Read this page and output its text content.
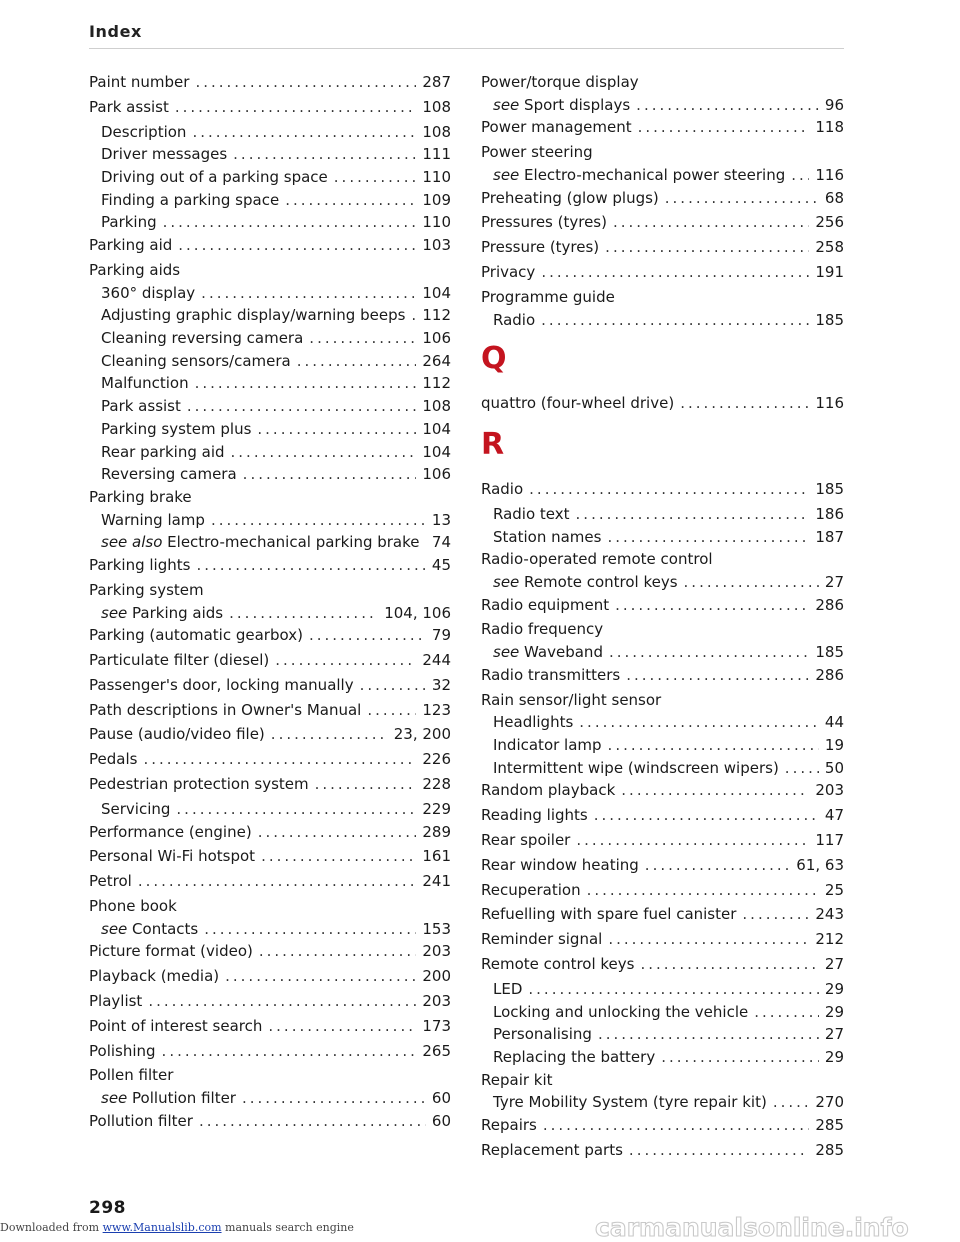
Index
Paint number .....	287
Park assist .....	108
Description .....	108
Driver messages .....	111
Driving out of a parking space .....	110
Finding a parking space .....	109
Parking .....	110
Parking aid .....	103
Parking aids
360° display .....	104
Adjusting graphic display/warning beeps ..... 112
Cleaning reversing camera .....	106
Cleaning sensors/camera .....	264
Malfunction .....	112
Park assist .....	108
Parking system plus .....	104
Rear parking aid .....	104
Reversing camera .....	106
Parking brake
Warning lamp .....	13
see also Electro-mechanical parking brake ..... 74
Parking lights .....	45
Parking system
see Parking aids .....	104, 106
Parking (automatic gearbox) .....	79
Particulate filter (diesel) .....	244
Passenger's door, locking manually .....	32
Path descriptions in Owner's Manual .....	123
Pause (audio/video file) .....	23, 200
Pedals .....	226
Pedestrian protection system .....	228
Servicing .....	229
Performance (engine) .....	289
Personal Wi-Fi hotspot .....	161
Petrol .....	241
Phone book
see Contacts .....	153
Picture format (video) .....	203
Playback (media) .....	200
Playlist .....	203
Point of interest search .....	173
Polishing .....	265
Pollen filter
see Pollution filter .....	60
Pollution filter .....	60
Power/torque display
see Sport displays .....	96
Power management .....	118
Power steering
see Electro-mechanical power steering ..... 116
Preheating (glow plugs) .....	68
Pressures (tyres) .....	256
Pressure (tyres) .....	258
Privacy .....	191
Programme guide
Radio .....	185
Q
quattro (four-wheel drive) .....	116
R
Radio .....	185
Radio text .....	186
Station names .....	187
Radio-operated remote control
see Remote control keys .....	27
Radio equipment .....	286
Radio frequency
see Waveband .....	185
Radio transmitters .....	286
Rain sensor/light sensor
Headlights .....	44
Indicator lamp .....	19
Intermittent wipe (windscreen wipers) .....	50
Random playback .....	203
Reading lights .....	47
Rear spoiler .....	117
Rear window heating .....	61, 63
Recuperation .....	25
Refuelling with spare fuel canister .....	243
Reminder signal .....	212
Remote control keys .....	27
LED .....	29
Locking and unlocking the vehicle .....	29
Personalising .....	27
Replacing the battery .....	29
Repair kit
Tyre Mobility System (tyre repair kit) .....	270
Repairs .....	285
Replacement parts .....	285
298
Downloaded from www.Manualslib.com manuals search engine	carmanualsonline.info
